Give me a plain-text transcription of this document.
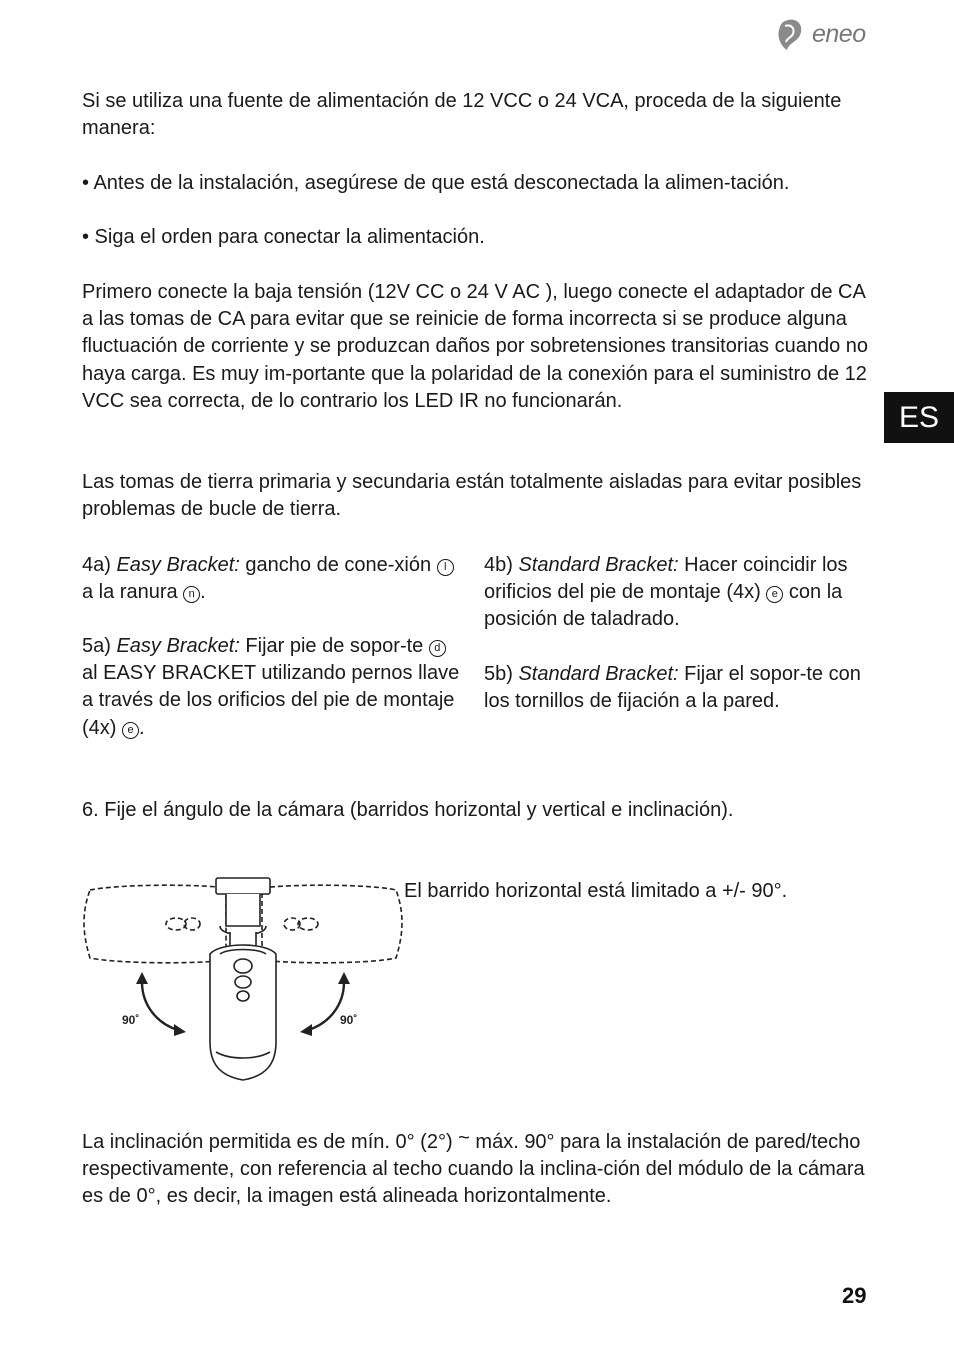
eneo
ES

Si se utiliza una fuente de alimentación de 12 VCC o 24 VCA, proceda de la siguiente manera:

• Antes de la instalación, asegúrese de que está desconectada la alimen-tación.

• Siga el orden para conectar la alimentación.

Primero conecte la baja tensión (12V CC o 24 V AC ), luego conecte el adaptador de CA a las tomas de CA para evitar que se reinicie de forma incorrecta si se produce alguna fluctuación de corriente y se produzcan daños por sobretensiones transitorias cuando no haya carga. Es muy im-portante que la polaridad de la conexión para el suministro de 12 VCC sea correcta, de lo contrario los LED IR no funcionarán.

Las tomas de tierra primaria y secundaria están totalmente aisladas para evitar posibles problemas de bucle de tierra.

4a) Easy Bracket: gancho de cone-xión l a la ranura n .

5a) Easy Bracket: Fijar pie de sopor-te d al EASY BRACKET utilizando pernos llave a través de los orificios del pie de montaje (4x) e .

4b) Standard Bracket: Hacer coincidir los orificios del pie de montaje (4x) e con la posición de taladrado.

5b) Standard Bracket: Fijar el sopor-te con los tornillos de fijación a la pared.

6. Fije el ángulo de la cámara (barridos horizontal y vertical e inclinación).

90˚	90˚

El barrido horizontal está limitado a +/- 90°.

La inclinación permitida es de mín. 0° (2°) ~ máx. 90° para la instalación de pared/techo respectivamente, con referencia al techo cuando la inclina-ción del módulo de la cámara es de 0°, es decir, la imagen está alineada horizontalmente.

29
